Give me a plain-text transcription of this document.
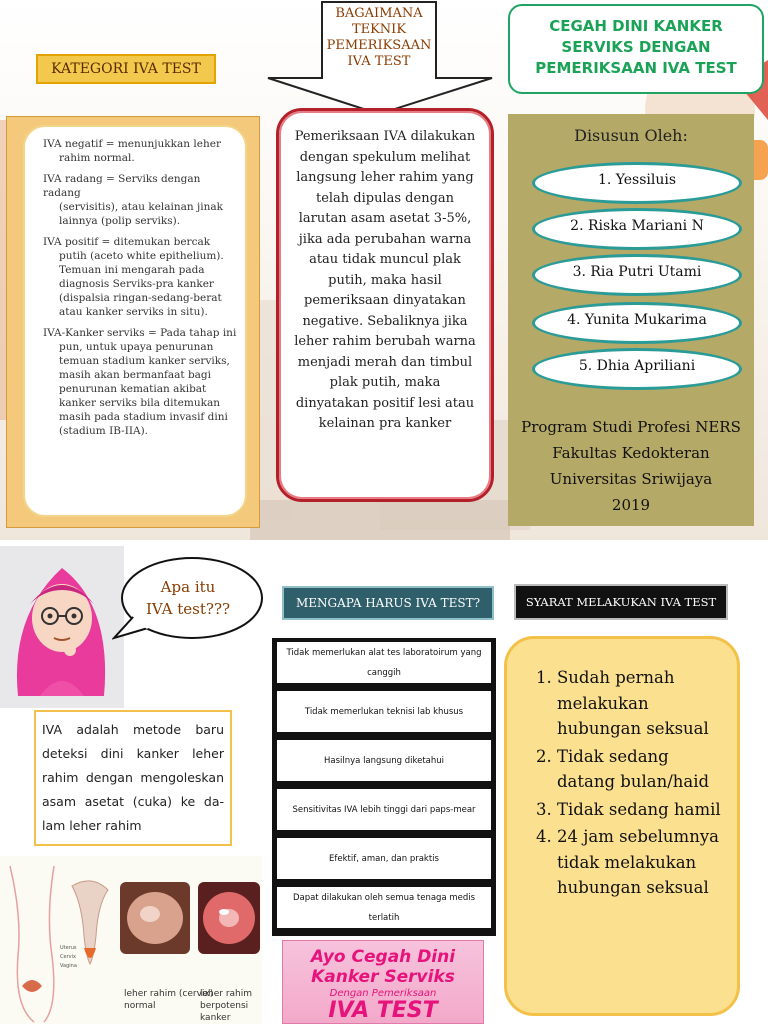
KATEGORI IVA TEST
BAGAIMANA
TEKNIK
PEMERIKSAAN
IVA TEST
CEGAH DINI KANKER
SERVIKS DENGAN
PEMERIKSAAN IVA TEST
IVA negatif = menunjukkan leher
rahim normal.
IVA radang = Serviks dengan radang
(servisitis), atau kelainan jinak lainnya (polip serviks).
IVA positif = ditemukan bercak
putih (aceto white epithelium). Temuan ini mengarah pada diagnosis Serviks-pra kanker (dispalsia ringan-sedang-berat atau kanker serviks in situ).
IVA-Kanker serviks = Pada tahap ini
pun, untuk upaya penurunan temuan stadium kanker serviks, masih akan bermanfaat bagi penurunan kematian akibat kanker serviks bila ditemukan masih pada stadium invasif dini (stadium IB-IIA).
Pemeriksaan IVA dilakukan dengan spekulum melihat langsung leher rahim yang telah dipulas dengan larutan asam asetat 3-5%, jika ada perubahan warna atau tidak muncul plak putih, maka hasil pemeriksaan dinyatakan negative. Sebaliknya jika leher rahim berubah warna menjadi merah dan timbul plak putih, maka dinyatakan positif lesi atau kelainan pra kanker
Disusun Oleh:
1. Yessiluis
2. Riska Mariani N
3. Ria Putri Utami
4. Yunita Mukarima
5. Dhia Apriliani
Program Studi Profesi NERS
Fakultas Kedokteran
Universitas Sriwijaya
2019
Apa itu
IVA test???
IVA adalah metode baru deteksi dini kanker leher rahim dengan mengoleskan asam asetat (cuka) ke da-lam leher rahim
Uterus
Cervix
Vagina
leher rahim (cervix)
normal
leher rahim
berpotensi kanker
MENGAPA HARUS IVA TEST?
Tidak memerlukan alat tes laboratoirum yang canggih
Tidak memerlukan teknisi lab khusus
Hasilnya langsung diketahui
Sensitivitas IVA lebih tinggi dari paps-mear
Efektif, aman, dan praktis
Dapat dilakukan oleh semua tenaga medis terlatih
SYARAT MELAKUKAN IVA TEST
1. Sudah pernah melakukan hubungan seksual
2. Tidak sedang datang bulan/haid
3. Tidak sedang hamil
4. 24 jam sebelumnya tidak melakukan hubungan seksual
Ayo Cegah Dini
Kanker Serviks
Dengan Pemeriksaan
IVA TEST
